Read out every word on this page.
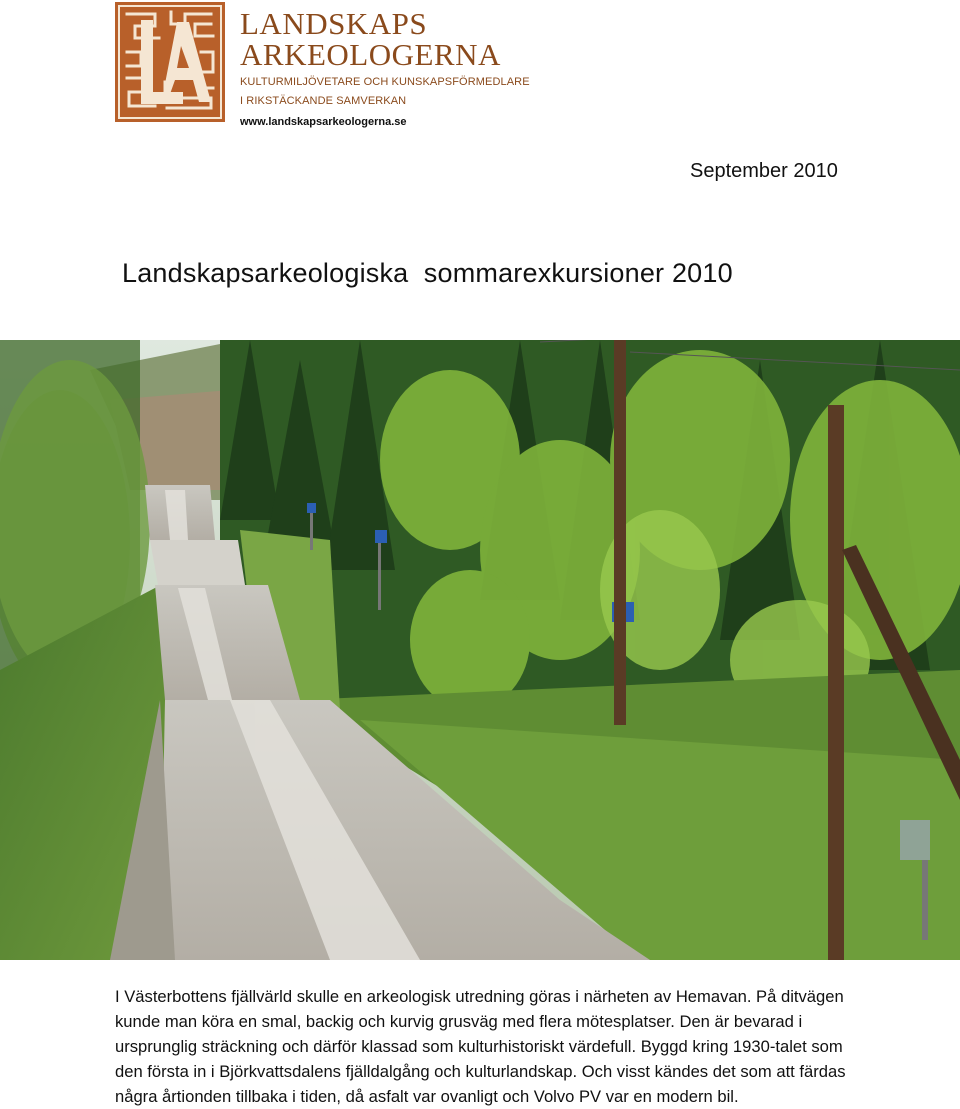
LANDSKAPS
ARKEOLOGERNA
KULTURMILJÖVETARE OCH KUNSKAPSFÖRMEDLARE
I RIKSTÄCKANDE SAMVERKAN
www.landskapsarkeologerna.se
September 2010
Landskapsarkeologiska  sommarexkursioner 2010

I Västerbottens fjällvärld skulle en arkeologisk utredning göras i närheten av Hemavan. På ditvägen kunde man köra en smal, backig och kurvig grusväg med flera mötesplatser. Den är bevarad i ursprunglig sträckning och därför klassad som kulturhistoriskt värdefull. Byggd kring 1930-talet som den första in i Björkvattsdalens fjälldalgång och kulturlandskap. Och visst kändes det som att färdas några årtionden tillbaka i tiden, då asfalt var ovanligt och Volvo PV var en modern bil.
